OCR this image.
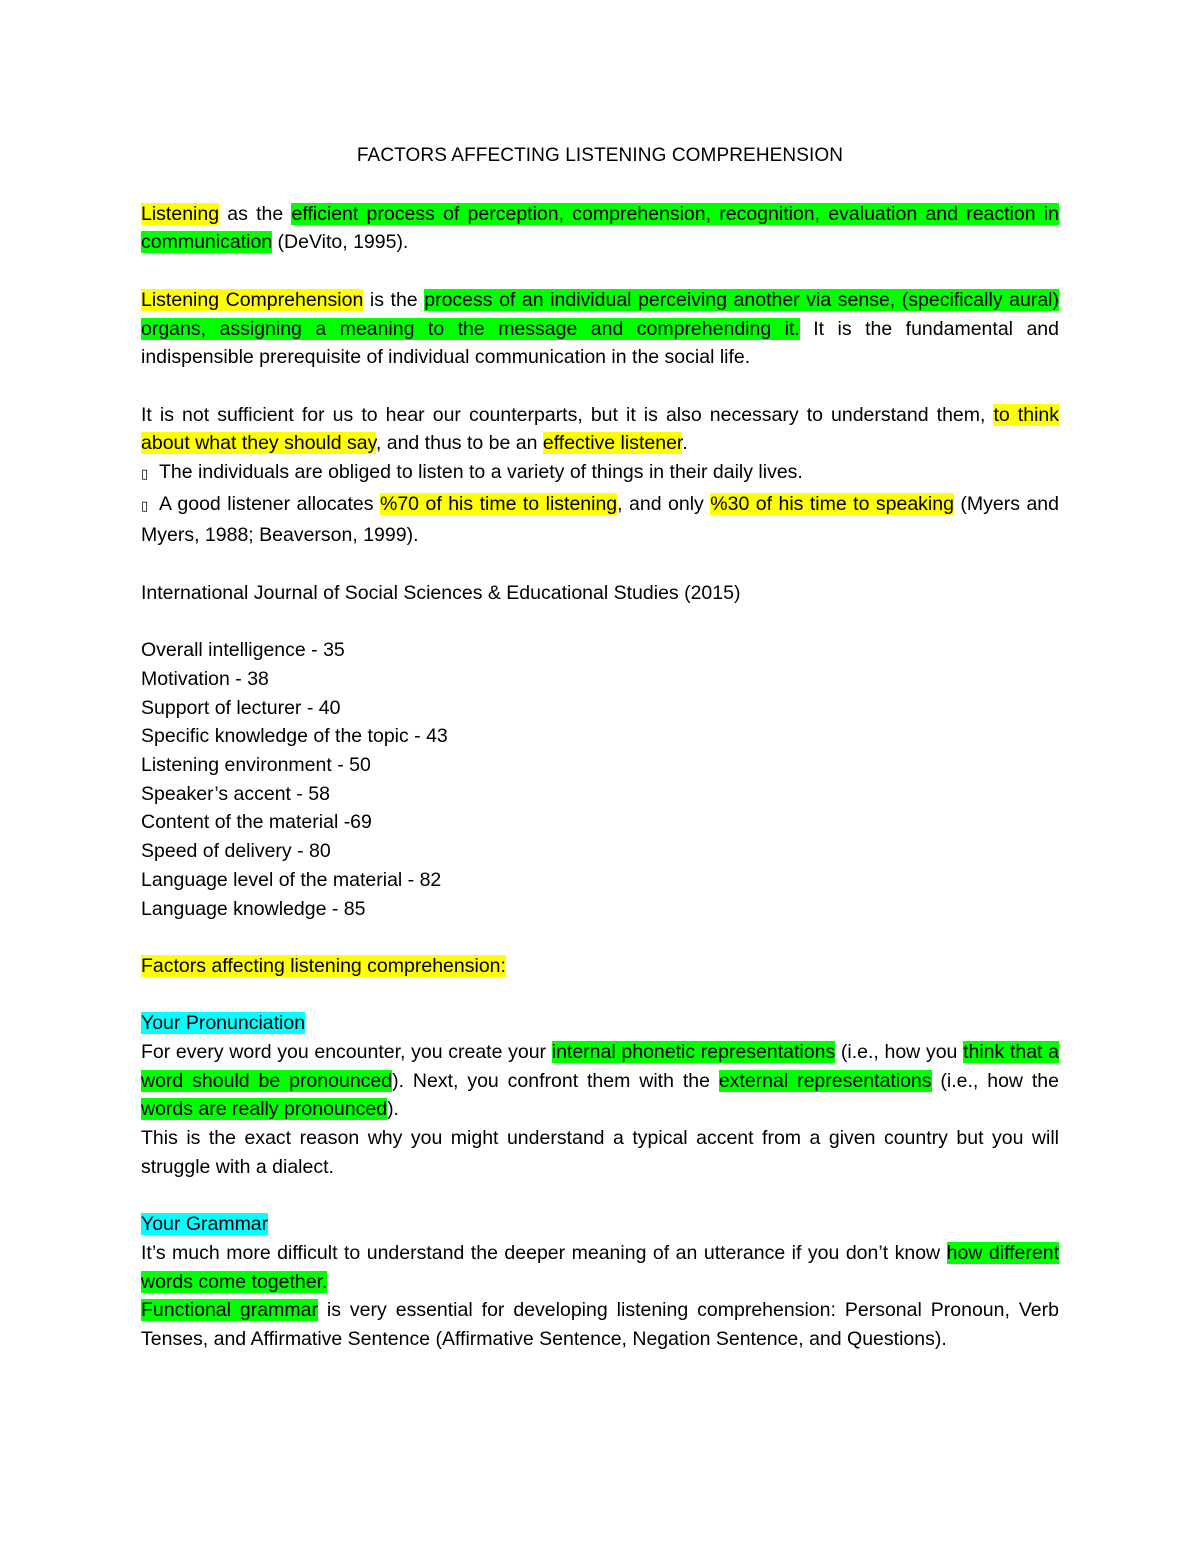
FACTORS AFFECTING LISTENING COMPREHENSION

Listening as the efficient process of perception, comprehension, recognition, evaluation and reaction in communication (DeVito, 1995).

Listening Comprehension is the process of an individual perceiving another via sense, (specifically aural) organs, assigning a meaning to the message and comprehending it. It is the fundamental and indispensible prerequisite of individual communication in the social life.

It is not sufficient for us to hear our counterparts, but it is also necessary to understand them, to think about what they should say, and thus to be an effective listener.

▯ The individuals are obliged to listen to a variety of things in their daily lives.

▯ A good listener allocates %70 of his time to listening, and only %30 of his time to speaking (Myers and Myers, 1988; Beaverson, 1999).

International Journal of Social Sciences & Educational Studies (2015)

Overall intelligence - 35

Motivation - 38

Support of lecturer - 40

Specific knowledge of the topic - 43

Listening environment - 50

Speaker’s accent - 58

Content of the material -69

Speed of delivery - 80

Language level of the material - 82

Language knowledge - 85

Factors affecting listening comprehension:

Your Pronunciation

For every word you encounter, you create your internal phonetic representations (i.e., how you think that a word should be pronounced). Next, you confront them with the external representations (i.e., how the words are really pronounced).

This is the exact reason why you might understand a typical accent from a given country but you will struggle with a dialect.

Your Grammar

It’s much more difficult to understand the deeper meaning of an utterance if you don’t know how different words come together.

Functional grammar is very essential for developing listening comprehension: Personal Pronoun, Verb Tenses, and Affirmative Sentence (Affirmative Sentence, Negation Sentence, and Questions).
